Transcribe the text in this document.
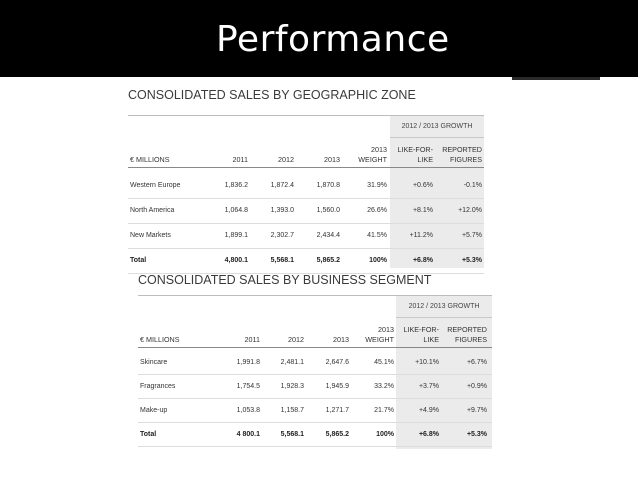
Performance
CONSOLIDATED SALES BY GEOGRAPHIC ZONE
2012 / 2013 GROWTH
€ MILLIONS	2011	2012	2013
2013
WEIGHT
LIKE-FOR-
LIKE
REPORTED
FIGURES
Western Europe	1,836.2	1,872.4	1,870.8	31.9%	+0.6%	-0.1%
North America	1,064.8	1,393.0	1,560.0	26.6%	+8.1%	+12.0%
New Markets	1,899.1	2,302.7	2,434.4	41.5%	+11.2%	+5.7%
Total	4,800.1	5,568.1	5,865.2	100%	+6.8%	+5.3%
CONSOLIDATED SALES BY BUSINESS SEGMENT
2012 / 2013 GROWTH
€ MILLIONS	2011	2012	2013
2013
WEIGHT
LIKE-FOR-
LIKE
REPORTED
FIGURES
Skincare	1,991.8	2,481.1	2,647.6	45.1%	+10.1%	+6.7%
Fragrances	1,754.5	1,928.3	1,945.9	33.2%	+3.7%	+0.9%
Make-up	1,053.8	1,158.7	1,271.7	21.7%	+4.9%	+9.7%
Total	4 800.1	5,568.1	5,865.2	100%	+6.8%	+5.3%
